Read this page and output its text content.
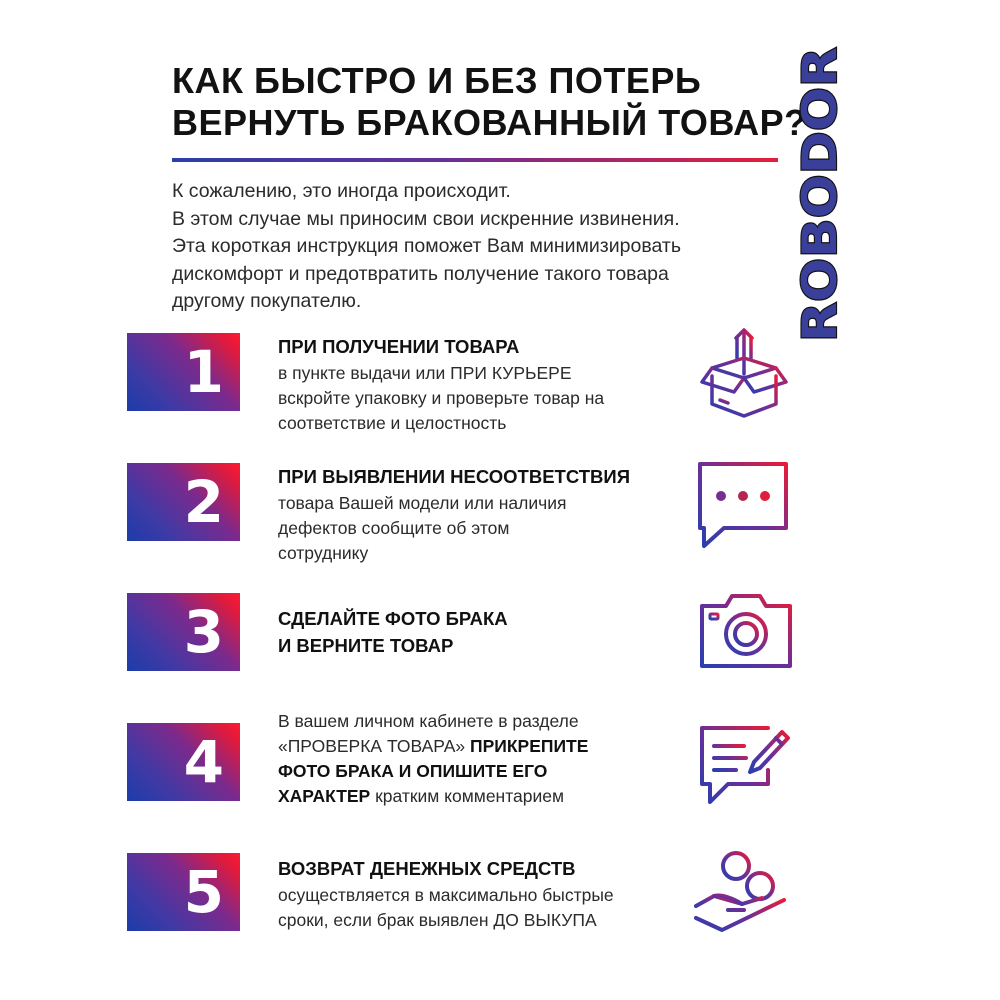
КАК БЫСТРО И БЕЗ ПОТЕРЬ
ВЕРНУТЬ БРАКОВАННЫЙ ТОВАР?
ROBODOR

К сожалению, это иногда происходит.
В этом случае мы приносим свои искренние извинения.
Эта короткая инструкция поможет Вам минимизировать
дискомфорт и предотвратить получение такого товара
другому покупателю.

1	ПРИ ПОЛУЧЕНИИ ТОВАРА
в пункте выдачи или ПРИ КУРЬЕРЕ
вскройте упаковку и проверьте товар на
соответствие и целостность
2	ПРИ ВЫЯВЛЕНИИ НЕСООТВЕТСТВИЯ
товара Вашей модели или наличия
дефектов сообщите об этом
сотруднику
3	СДЕЛАЙТЕ ФОТО БРАКА
И ВЕРНИТЕ ТОВАР
4
В вашем личном кабинете в разделе
«ПРОВЕРКА ТОВАРА» ПРИКРЕПИТЕ
ФОТО БРАКА И ОПИШИТЕ ЕГО
ХАРАКТЕР кратким комментарием
5	ВОЗВРАТ ДЕНЕЖНЫХ СРЕДСТВ
осуществляется в максимально быстрые
сроки, если брак выявлен ДО ВЫКУПА
